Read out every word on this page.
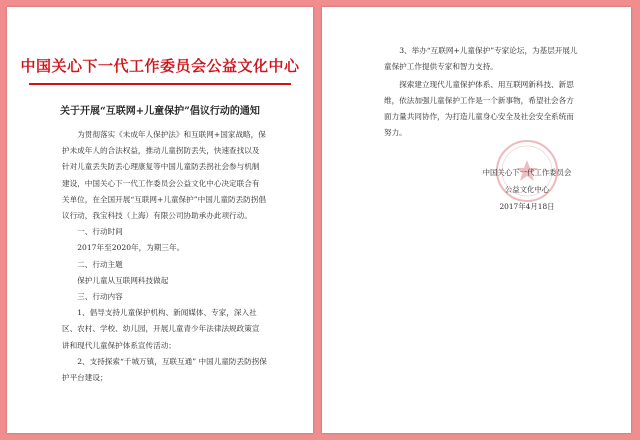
中国关心下一代工作委员会公益文化中心
关于开展“互联网+儿童保护”倡议行动的通知

为贯彻落实《未成年人保护法》和互联网+国家战略，保护未成年人的合法权益，推动儿童拐防丢失，快速查找以及针对儿童丢失防丢心理康复等中国儿童防丢拐社会参与机制建设，中国关心下一代工作委员会公益文化中心决定联合有关单位，在全国开展“互联网+儿童保护”中国儿童防丢防拐倡议行动，我宝科技（上海）有限公司协助承办此项行动。

一、行动时间

2017年至2020年，为期三年。

二、行动主题

保护儿童从互联网科技做起

三、行动内容

1、倡导支持儿童保护机构、新闻媒体、专家，深入社区、农村、学校、幼儿园，开展儿童青少年法律法规政策宣讲和现代儿童保护体系宣传活动；

2、支持探索“千城万镇，互联互通” 中国儿童防丢防拐保护平台建设；

3、举办“互联网+儿童保护”专家论坛，为基层开展儿童保护工作提供专家和智力支持。

探索建立现代儿童保护体系、用互联网新科技、新思维，依法加强儿童保护工作是一个新事物，希望社会各方面力量共同协作，为打造儿童身心安全及社会安全系统而努力。

中国关心下一代工作委员会
公益文化中心
2017年4月18日
